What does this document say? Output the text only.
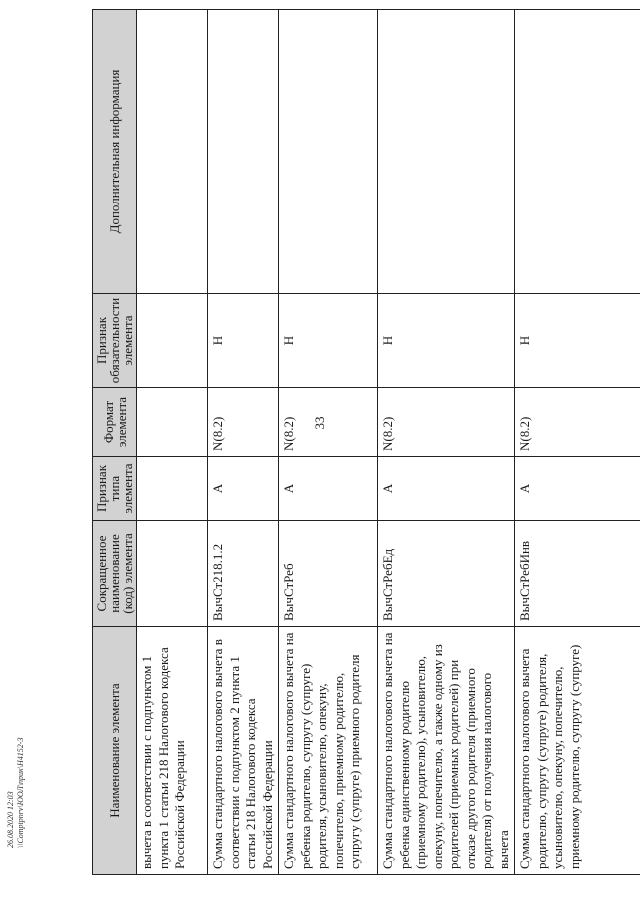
33
Наименование элемента	Сокращенное наименование (код) элемента	Признак типа элемента	Формат элемента	Признак обязательности элемента	Дополнительная информация
вычета в соответствии с подпунктом 1 пункта 1 статьи 218 Налогового кодекса Российской Федерации					
Сумма стандартного налогового вычета в соответствии с подпунктом 2 пункта 1 статьи 218 Налогового кодекса Российской Федерации	ВычСт218.1.2	А	N(8.2)	Н	
Сумма стандартного налогового вычета на ребенка родителю, супругу (супруге) родителя, усыновителю, опекуну, попечителю, приемному родителю, супругу (супруге) приемного родителя	ВычСтРеб	А	N(8.2)	Н	
Сумма стандартного налогового вычета на ребенка единственному родителю (приемному родителю), усыновителю, опекуну, попечителю, а также одному из родителей (приемных родителей) при отказе другого родителя (приемного родителя) от получения налогового вычета	ВычСтРебЕд	А	N(8.2)	Н	
Сумма стандартного налогового вычета родителю, супругу (супруге) родителя, усыновителю, опекуну, попечителю, приемному родителю, супругу (супруге)	ВычСтРебИнв	А	N(8.2)	Н	
26.08.2020 12:03 \\Comptpnrv\ЮОЛ\прик\Н4152-3
